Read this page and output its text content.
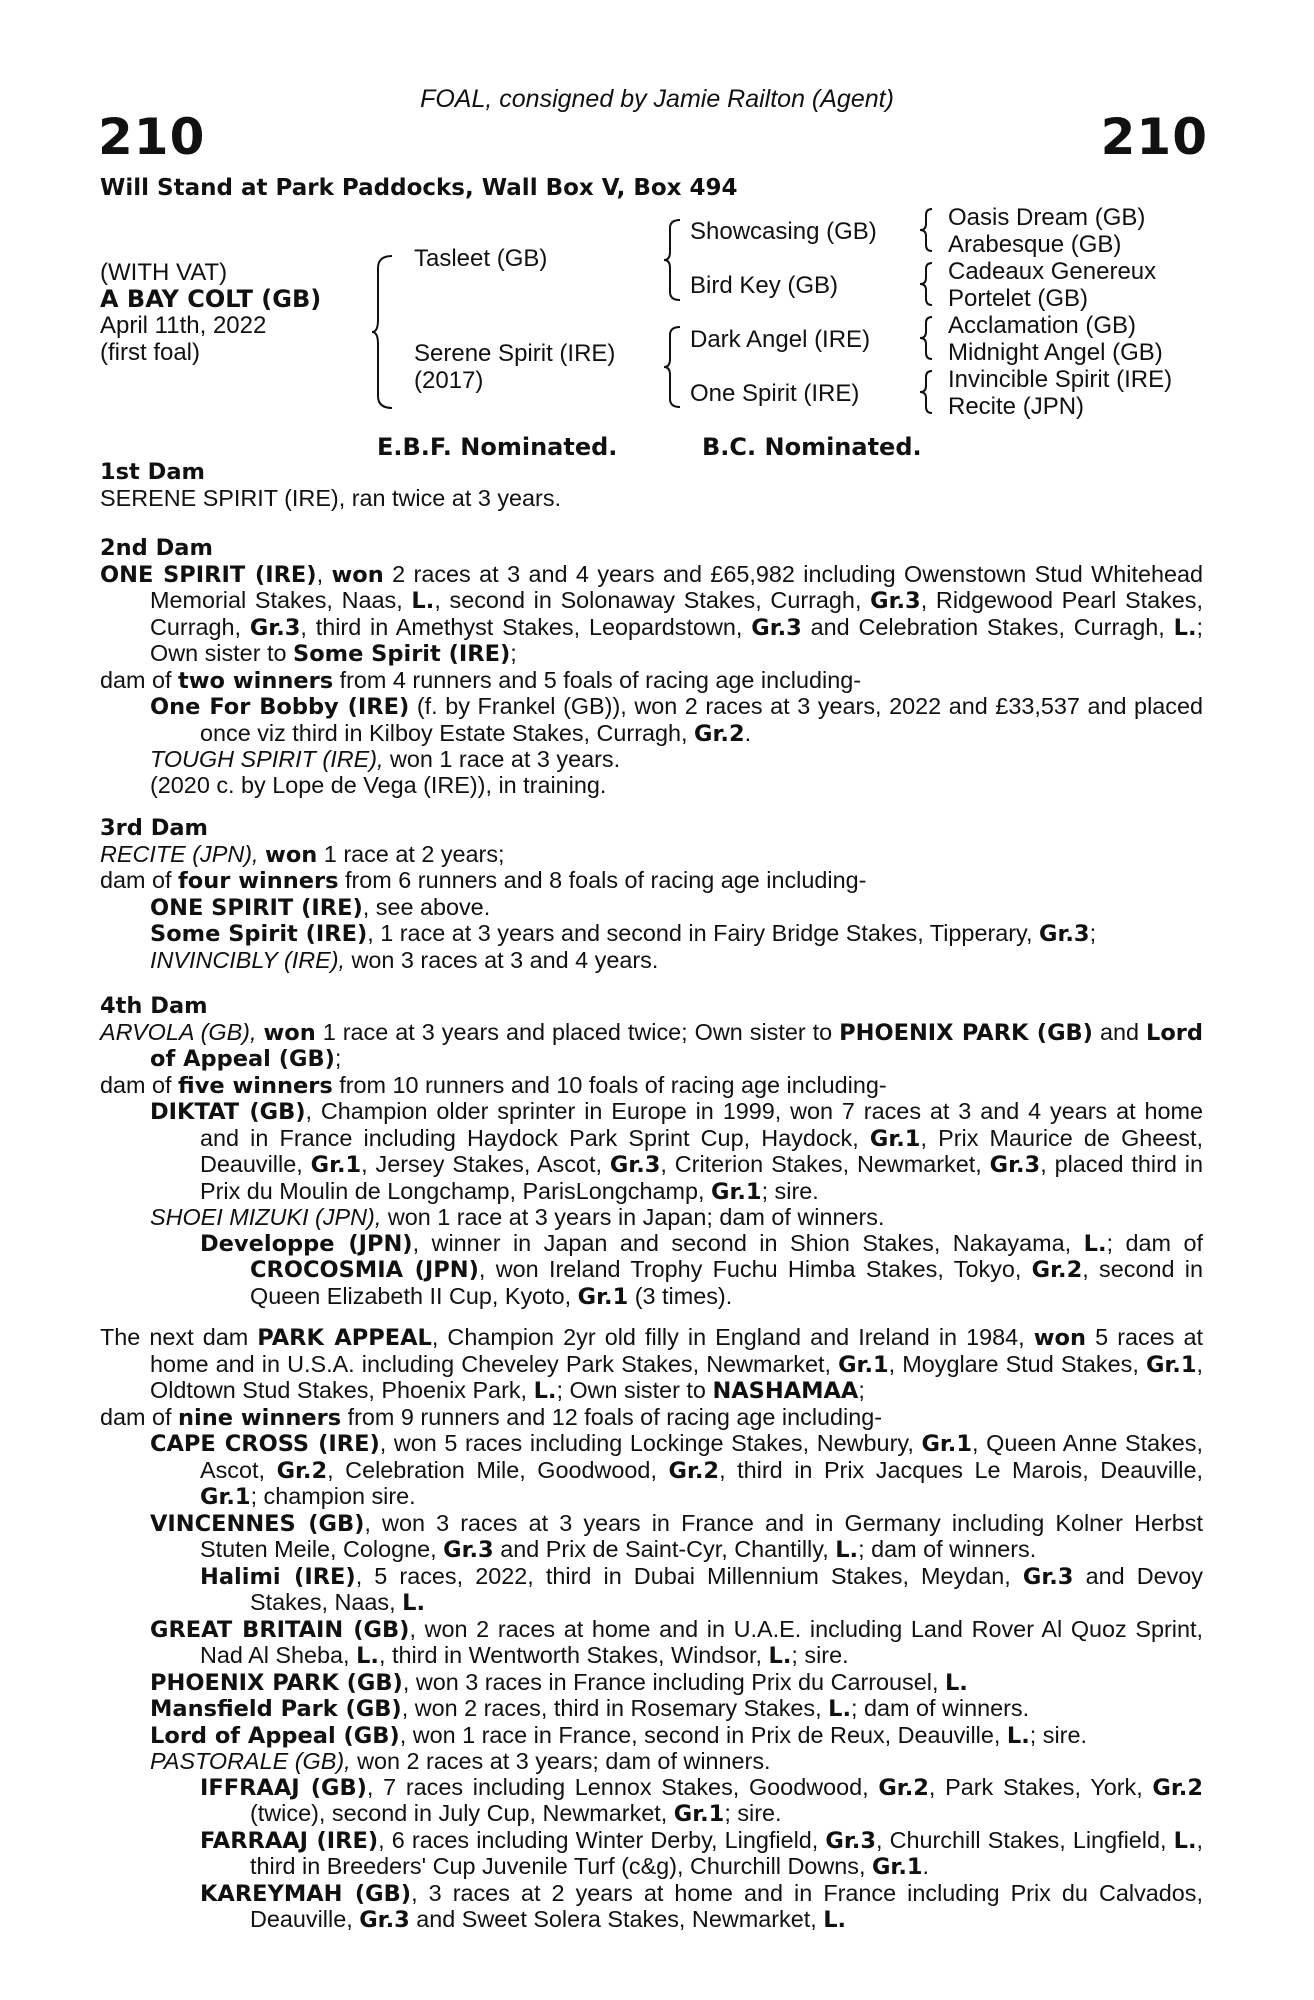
FOAL, consigned by Jamie Railton (Agent)
210	210
Will Stand at Park Paddocks, Wall Box V, Box 494
(WITH VAT)
A BAY COLT (GB)
April 11th, 2022
(first foal)
Tasleet (GB)
Serene Spirit (IRE)
(2017)
Showcasing (GB)
Bird Key (GB)
Dark Angel (IRE)
One Spirit (IRE)
Oasis Dream (GB)
Arabesque (GB)
Cadeaux Genereux
Portelet (GB)
Acclamation (GB)
Midnight Angel (GB)
Invincible Spirit (IRE)
Recite (JPN)
E.B.F. Nominated.	B.C. Nominated.

1st Dam

SERENE SPIRIT (IRE), ran twice at 3 years.

2nd Dam

ONE SPIRIT (IRE), won 2 races at 3 and 4 years and £65,982 including Owenstown Stud Whitehead Memorial Stakes, Naas, L., second in Solonaway Stakes, Curragh, Gr.3, Ridgewood Pearl Stakes, Curragh, Gr.3, third in Amethyst Stakes, Leopardstown, Gr.3 and Celebration Stakes, Curragh, L.; Own sister to Some Spirit (IRE);

dam of two winners from 4 runners and 5 foals of racing age including-

One For Bobby (IRE) (f. by Frankel (GB)), won 2 races at 3 years, 2022 and £33,537 and placed once viz third in Kilboy Estate Stakes, Curragh, Gr.2.

TOUGH SPIRIT (IRE), won 1 race at 3 years.

(2020 c. by Lope de Vega (IRE)), in training.

3rd Dam

RECITE (JPN), won 1 race at 2 years;

dam of four winners from 6 runners and 8 foals of racing age including-

ONE SPIRIT (IRE), see above.

Some Spirit (IRE), 1 race at 3 years and second in Fairy Bridge Stakes, Tipperary, Gr.3;

INVINCIBLY (IRE), won 3 races at 3 and 4 years.

4th Dam

ARVOLA (GB), won 1 race at 3 years and placed twice; Own sister to PHOENIX PARK (GB) and Lord of Appeal (GB);

dam of five winners from 10 runners and 10 foals of racing age including-

DIKTAT (GB), Champion older sprinter in Europe in 1999, won 7 races at 3 and 4 years at home and in France including Haydock Park Sprint Cup, Haydock, Gr.1, Prix Maurice de Gheest, Deauville, Gr.1, Jersey Stakes, Ascot, Gr.3, Criterion Stakes, Newmarket, Gr.3, placed third in Prix du Moulin de Longchamp, ParisLongchamp, Gr.1; sire.

SHOEI MIZUKI (JPN), won 1 race at 3 years in Japan; dam of winners.

Developpe (JPN), winner in Japan and second in Shion Stakes, Nakayama, L.; dam of CROCOSMIA (JPN), won Ireland Trophy Fuchu Himba Stakes, Tokyo, Gr.2, second in Queen Elizabeth II Cup, Kyoto, Gr.1 (3 times).

The next dam PARK APPEAL, Champion 2yr old filly in England and Ireland in 1984, won 5 races at home and in U.S.A. including Cheveley Park Stakes, Newmarket, Gr.1, Moyglare Stud Stakes, Gr.1, Oldtown Stud Stakes, Phoenix Park, L.; Own sister to NASHAMAA;

dam of nine winners from 9 runners and 12 foals of racing age including-

CAPE CROSS (IRE), won 5 races including Lockinge Stakes, Newbury, Gr.1, Queen Anne Stakes, Ascot, Gr.2, Celebration Mile, Goodwood, Gr.2, third in Prix Jacques Le Marois, Deauville, Gr.1; champion sire.

VINCENNES (GB), won 3 races at 3 years in France and in Germany including Kolner Herbst Stuten Meile, Cologne, Gr.3 and Prix de Saint-Cyr, Chantilly, L.; dam of winners.

Halimi (IRE), 5 races, 2022, third in Dubai Millennium Stakes, Meydan, Gr.3 and Devoy Stakes, Naas, L.

GREAT BRITAIN (GB), won 2 races at home and in U.A.E. including Land Rover Al Quoz Sprint, Nad Al Sheba, L., third in Wentworth Stakes, Windsor, L.; sire.

PHOENIX PARK (GB), won 3 races in France including Prix du Carrousel, L.

Mansfield Park (GB), won 2 races, third in Rosemary Stakes, L.; dam of winners.

Lord of Appeal (GB), won 1 race in France, second in Prix de Reux, Deauville, L.; sire.

PASTORALE (GB), won 2 races at 3 years; dam of winners.

IFFRAAJ (GB), 7 races including Lennox Stakes, Goodwood, Gr.2, Park Stakes, York, Gr.2 (twice), second in July Cup, Newmarket, Gr.1; sire.

FARRAAJ (IRE), 6 races including Winter Derby, Lingfield, Gr.3, Churchill Stakes, Lingfield, L., third in Breeders' Cup Juvenile Turf (c&g), Churchill Downs, Gr.1.

KAREYMAH (GB), 3 races at 2 years at home and in France including Prix du Calvados, Deauville, Gr.3 and Sweet Solera Stakes, Newmarket, L.
